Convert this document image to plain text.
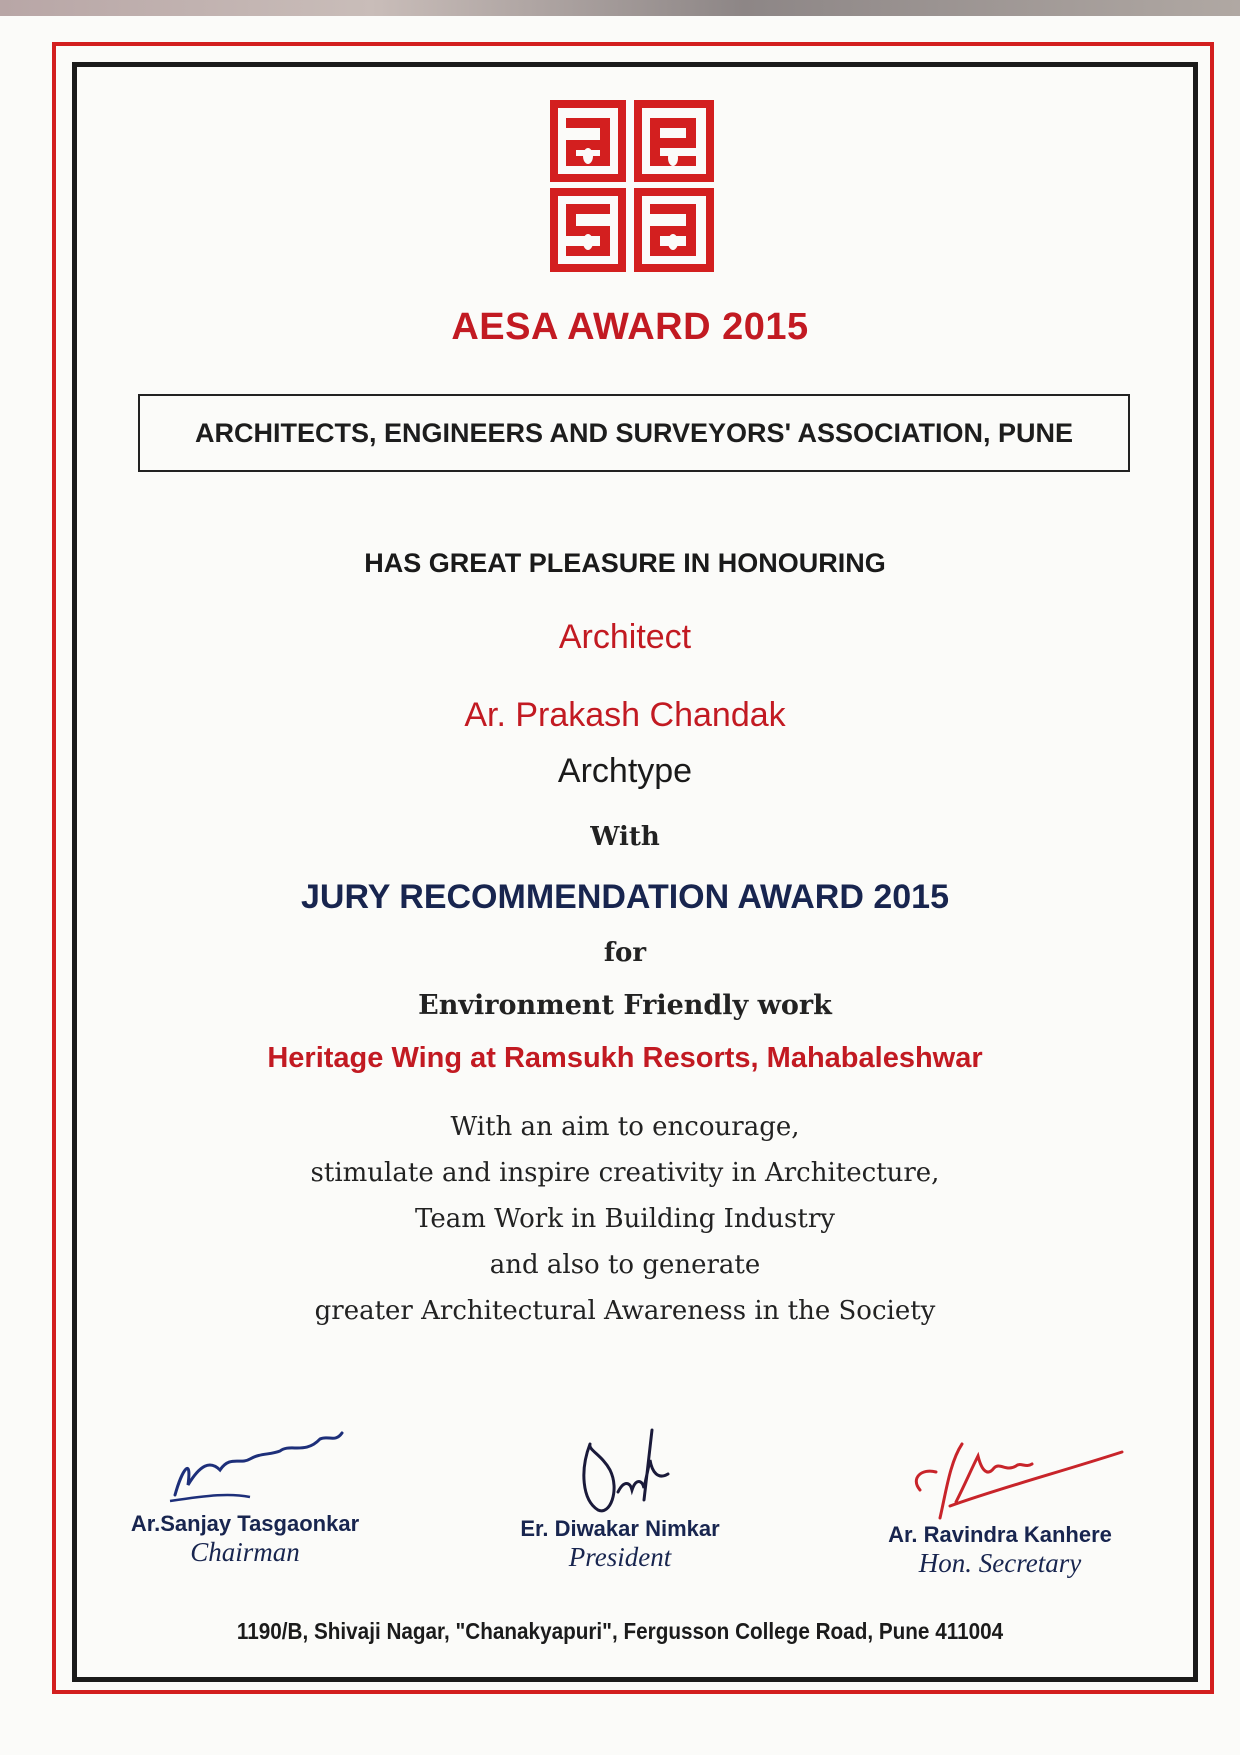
AESA AWARD 2015
ARCHITECTS, ENGINEERS AND SURVEYORS' ASSOCIATION, PUNE
HAS GREAT PLEASURE IN HONOURING
Architect
Ar. Prakash Chandak
Archtype
With
JURY RECOMMENDATION AWARD 2015
for
Environment Friendly work
Heritage Wing at Ramsukh Resorts, Mahabaleshwar
With an aim to encourage,
stimulate and inspire creativity in Architecture,
Team Work in Building Industry
and also to generate
greater Architectural Awareness in the Society
Ar.Sanjay Tasgaonkar
Chairman
Er. Diwakar Nimkar
President
Ar. Ravindra Kanhere
Hon. Secretary
1190/B, Shivaji Nagar, "Chanakyapuri", Fergusson College Road, Pune 411004
